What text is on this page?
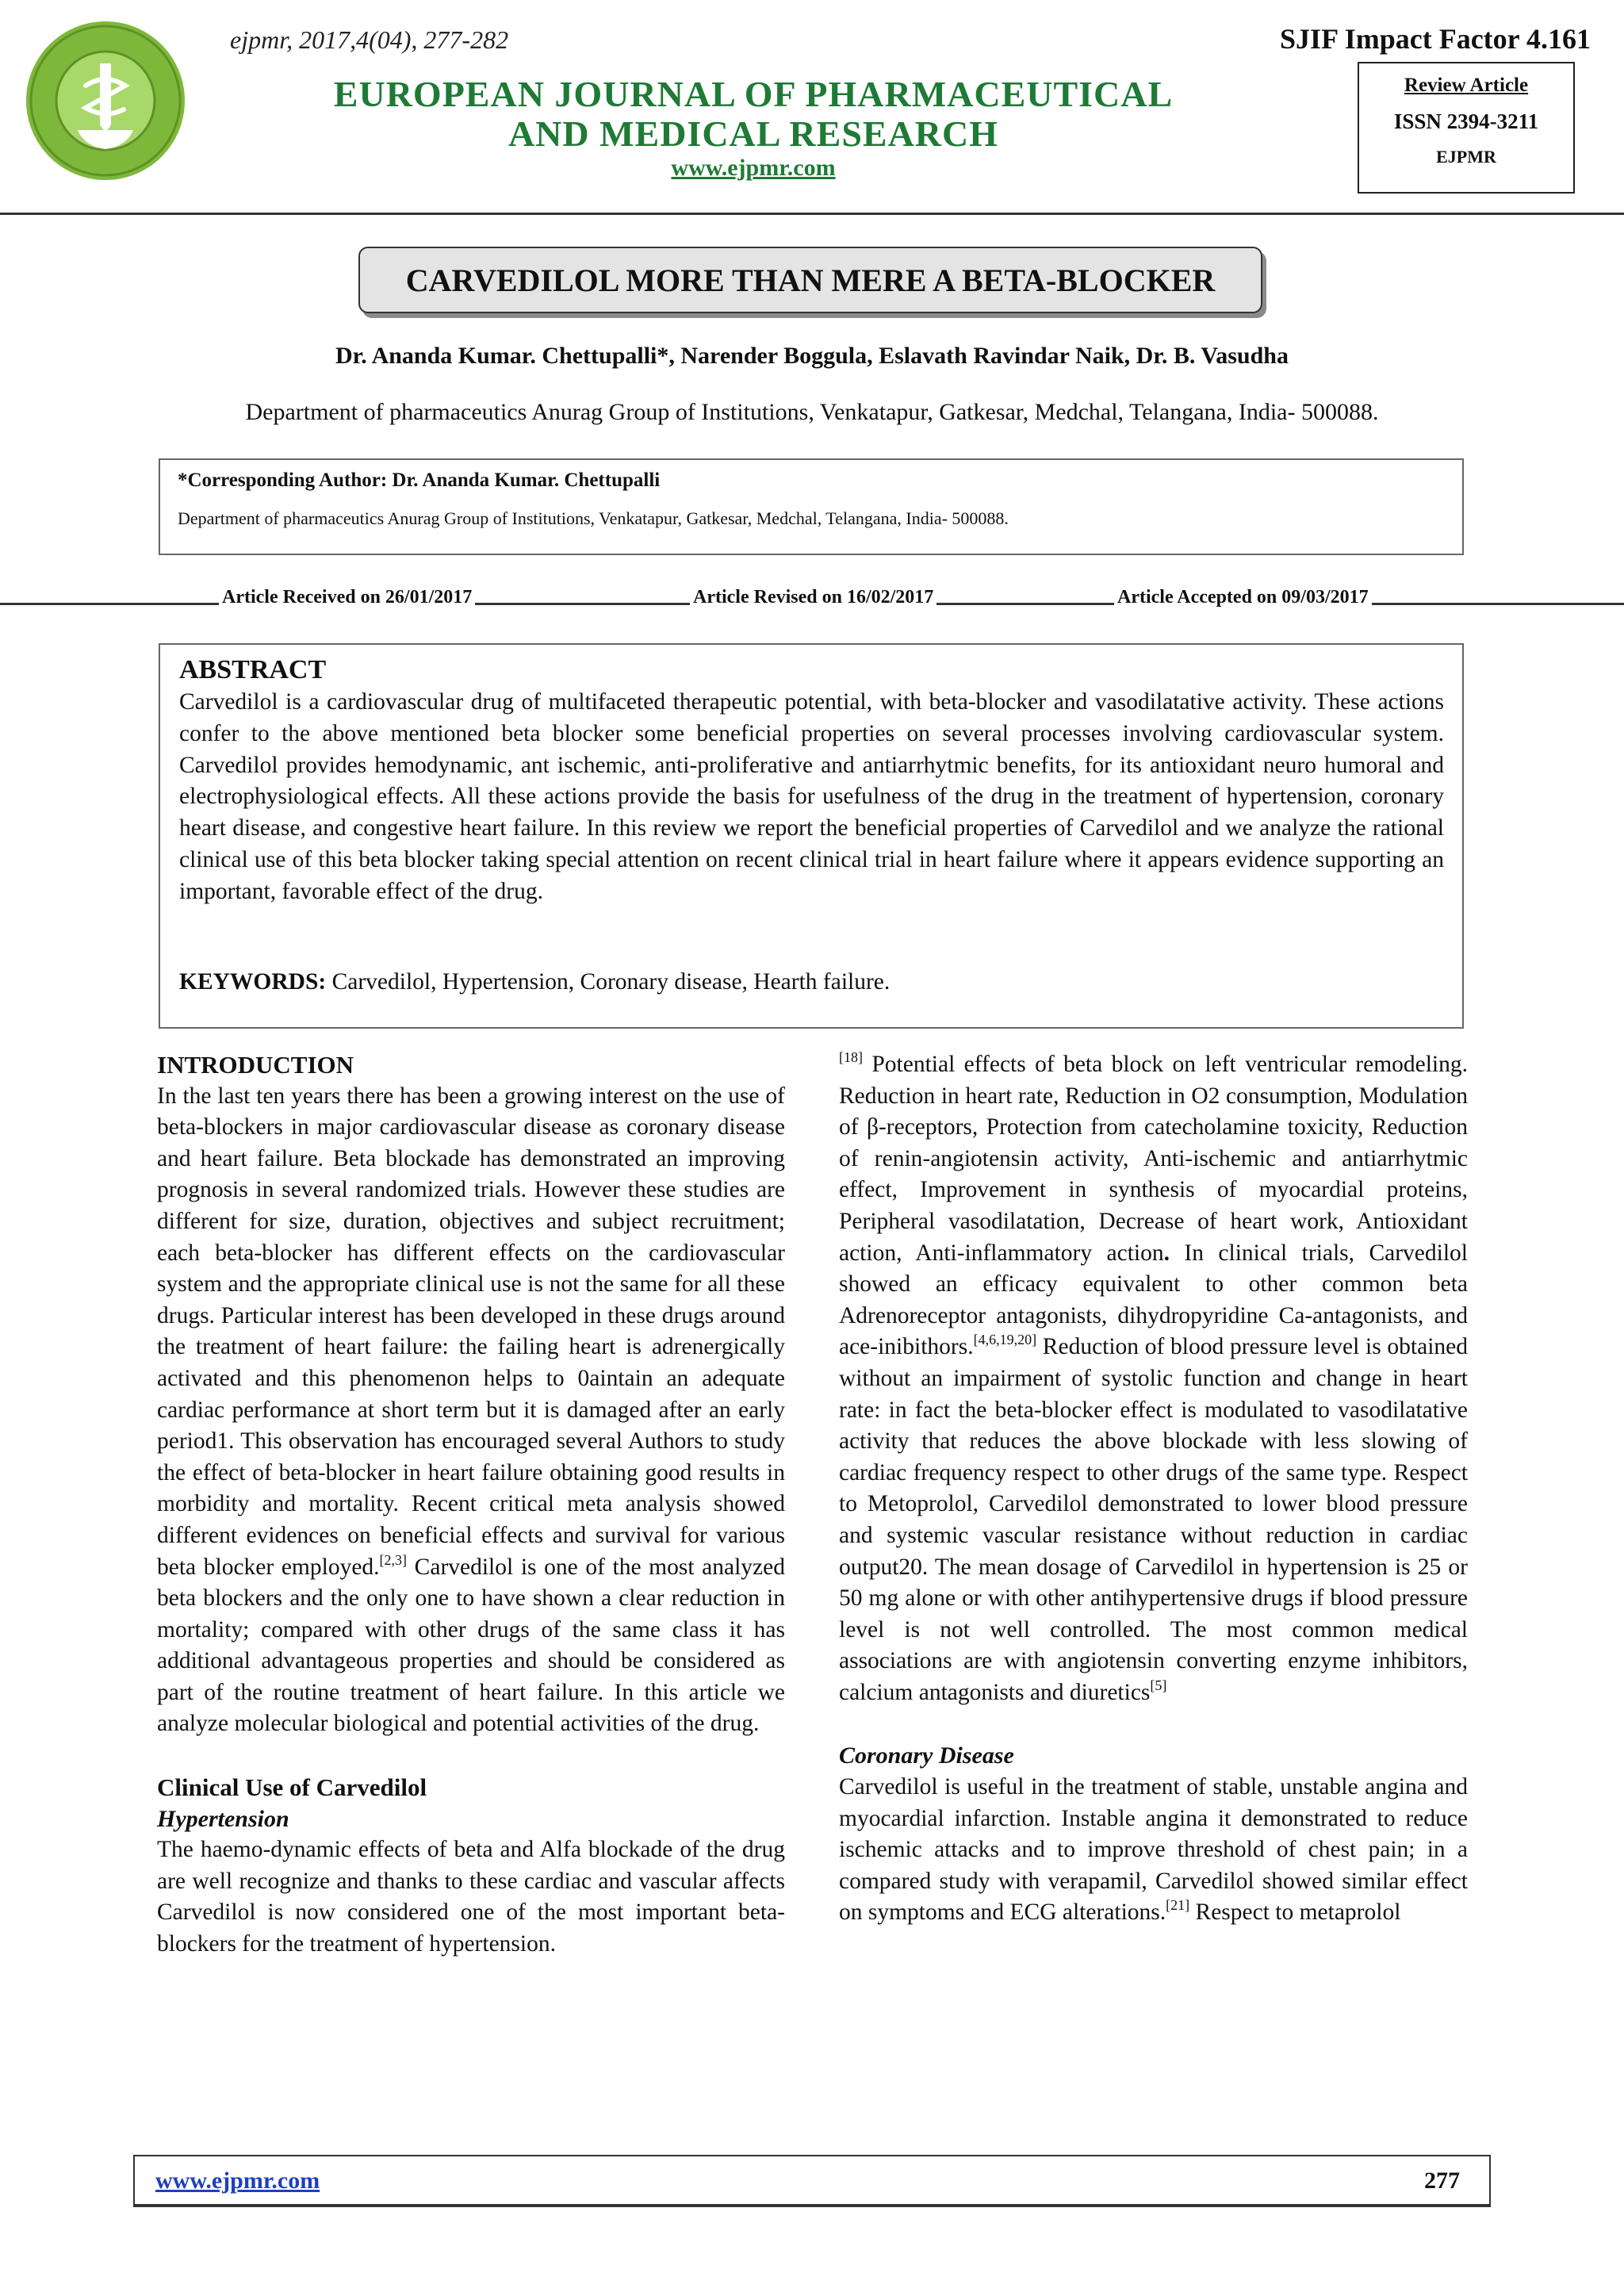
ejpmr, 2017,4(04), 277-282	SJIF Impact Factor 4.161
EUROPEAN JOURNAL OF PHARMACEUTICAL
AND MEDICAL RESEARCH
www.ejpmr.com
Review Article
ISSN 2394-3211
EJPMR
CARVEDILOL MORE THAN MERE A BETA-BLOCKER
Dr. Ananda Kumar. Chettupalli*, Narender Boggula, Eslavath Ravindar Naik, Dr. B. Vasudha
Department of pharmaceutics Anurag Group of Institutions, Venkatapur, Gatkesar, Medchal, Telangana, India- 500088.
*Corresponding Author: Dr. Ananda Kumar. Chettupalli
Department of pharmaceutics Anurag Group of Institutions, Venkatapur, Gatkesar, Medchal, Telangana, India- 500088.
Article Received on 26/01/2017	Article Revised on 16/02/2017	Article Accepted on 09/03/2017
ABSTRACT
Carvedilol is a cardiovascular drug of multifaceted therapeutic potential, with beta-blocker and vasodilatative activity. These actions confer to the above mentioned beta blocker some beneficial properties on several processes involving cardiovascular system. Carvedilol provides hemodynamic, ant ischemic, anti-proliferative and antiarrhytmic benefits, for its antioxidant neuro humoral and electrophysiological effects. All these actions provide the basis for usefulness of the drug in the treatment of hypertension, coronary heart disease, and congestive heart failure. In this review we report the beneficial properties of Carvedilol and we analyze the rational clinical use of this beta blocker taking special attention on recent clinical trial in heart failure where it appears evidence supporting an important, favorable effect of the drug.
KEYWORDS: Carvedilol, Hypertension, Coronary disease, Hearth failure.
INTRODUCTION

In the last ten years there has been a growing interest on the use of beta-blockers in major cardiovascular disease as coronary disease and heart failure. Beta blockade has demonstrated an improving prognosis in several randomized trials. However these studies are different for size, duration, objectives and subject recruitment; each beta-blocker has different effects on the cardiovascular system and the appropriate clinical use is not the same for all these drugs. Particular interest has been developed in these drugs around the treatment of heart failure: the failing heart is adrenergically activated and this phenomenon helps to 0aintain an adequate cardiac performance at short term but it is damaged after an early period1. This observation has encouraged several Authors to study the effect of beta-blocker in heart failure obtaining good results in morbidity and mortality. Recent critical meta analysis showed different evidences on beneficial effects and survival for various beta blocker employed.[2,3] Carvedilol is one of the most analyzed beta blockers and the only one to have shown a clear reduction in mortality; compared with other drugs of the same class it has additional advantageous properties and should be considered as part of the routine treatment of heart failure. In this article we analyze molecular biological and potential activities of the drug.

Clinical Use of Carvedilol
Hypertension

The haemo-dynamic effects of beta and Alfa blockade of the drug are well recognize and thanks to these cardiac and vascular affects Carvedilol is now considered one of the most important beta-blockers for the treatment of hypertension.

[18] Potential effects of beta block on left ventricular remodeling. Reduction in heart rate, Reduction in O2 consumption, Modulation of β-receptors, Protection from catecholamine toxicity, Reduction of renin-angiotensin activity, Anti-ischemic and antiarrhytmic effect, Improvement in synthesis of myocardial proteins, Peripheral vasodilatation, Decrease of heart work, Antioxidant action, Anti-inflammatory action. In clinical trials, Carvedilol showed an efficacy equivalent to other common beta Adrenoreceptor antagonists, dihydropyridine Ca-antagonists, and ace-inibithors.[4,6,19,20] Reduction of blood pressure level is obtained without an impairment of systolic function and change in heart rate: in fact the beta-blocker effect is modulated to vasodilatative activity that reduces the above blockade with less slowing of cardiac frequency respect to other drugs of the same type. Respect to Metoprolol, Carvedilol demonstrated to lower blood pressure and systemic vascular resistance without reduction in cardiac output20. The mean dosage of Carvedilol in hypertension is 25 or 50 mg alone or with other antihypertensive drugs if blood pressure level is not well controlled. The most common medical associations are with angiotensin converting enzyme inhibitors, calcium antagonists and diuretics[5]

Coronary Disease

Carvedilol is useful in the treatment of stable, unstable angina and myocardial infarction. Instable angina it demonstrated to reduce ischemic attacks and to improve threshold of chest pain; in a compared study with verapamil, Carvedilol showed similar effect on symptoms and ECG alterations.[21] Respect to metaprolol

www.ejpmr.com	277
